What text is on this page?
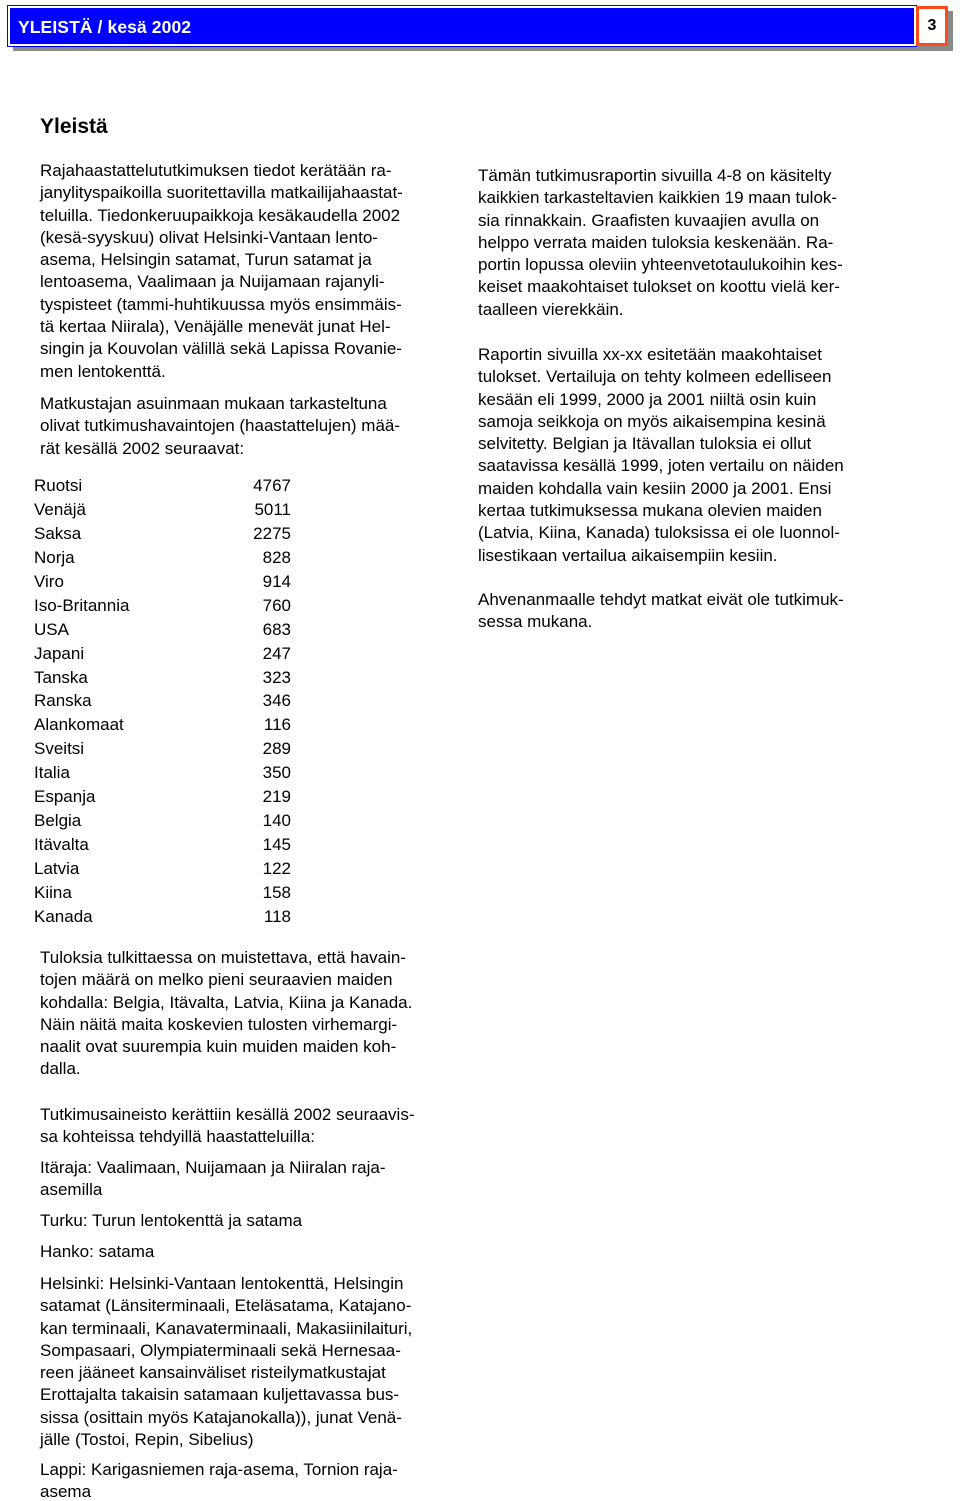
YLEISTÄ / kesä 2002	3
Yleistä

Rajahaastattelututkimuksen tiedot kerätään ra-
janylityspaikoilla suoritettavilla matkailijahaastat-
teluilla. Tiedonkeruupaikkoja kesäkaudella 2002
(kesä-syyskuu) olivat Helsinki-Vantaan lento-
asema, Helsingin satamat, Turun satamat ja
lentoasema, Vaalimaan ja Nuijamaan rajanyli-
tyspisteet (tammi-huhtikuussa myös ensimmäis-
tä kertaa Niirala), Venäjälle menevät junat Hel-
singin ja Kouvolan välillä sekä Lapissa Rovanie-
men lentokenttä.

Matkustajan asuinmaan mukaan tarkasteltuna
olivat tutkimushavaintojen (haastattelujen) mää-
rät kesällä 2002 seuraavat:

Ruotsi	4767
Venäjä	5011
Saksa	2275
Norja	828
Viro	914
Iso-Britannia	760
USA	683
Japani	247
Tanska	323
Ranska	346
Alankomaat	116
Sveitsi	289
Italia	350
Espanja	219
Belgia	140
Itävalta	145
Latvia	122
Kiina	158
Kanada	118

Tuloksia tulkittaessa on muistettava, että havain-
tojen määrä on melko pieni seuraavien maiden
kohdalla: Belgia, Itävalta, Latvia, Kiina ja Kanada.
Näin näitä maita koskevien tulosten virhemargi-
naalit ovat suurempia kuin muiden maiden koh-
dalla.

Tutkimusaineisto kerättiin kesällä 2002 seuraavis-
sa kohteissa tehdyillä haastatteluilla:

Itäraja: Vaalimaan, Nuijamaan ja Niiralan raja-
asemilla

Turku: Turun lentokenttä ja satama

Hanko: satama

Helsinki: Helsinki-Vantaan lentokenttä, Helsingin
satamat (Länsiterminaali, Eteläsatama, Katajano-
kan terminaali, Kanavaterminaali, Makasiinilaituri,
Sompasaari, Olympiaterminaali sekä Hernesaa-
reen jääneet kansainväliset risteilymatkustajat
Erottajalta takaisin satamaan kuljettavassa bus-
sissa (osittain myös Katajanokalla)), junat Venä-
jälle (Tostoi, Repin, Sibelius)

Lappi: Karigasniemen raja-asema, Tornion raja-
asema

Tämän tutkimusraportin sivuilla 4-8 on käsitelty
kaikkien tarkasteltavien kaikkien 19 maan tulok-
sia rinnakkain. Graafisten kuvaajien avulla on
helppo verrata maiden tuloksia keskenään. Ra-
portin lopussa oleviin yhteenvetotaulukoihin kes-
keiset maakohtaiset tulokset on koottu vielä ker-
taalleen vierekkäin.

Raportin sivuilla xx-xx esitetään maakohtaiset
tulokset. Vertailuja on tehty kolmeen edelliseen
kesään eli 1999, 2000 ja 2001 niiltä osin kuin
samoja seikkoja on myös aikaisempina kesinä
selvitetty. Belgian ja Itävallan tuloksia ei ollut
saatavissa kesällä 1999, joten vertailu on näiden
maiden kohdalla vain kesiin 2000 ja 2001. Ensi
kertaa tutkimuksessa mukana olevien maiden
(Latvia, Kiina, Kanada) tuloksissa ei ole luonnol-
lisestikaan vertailua aikaisempiin kesiin.

Ahvenanmaalle tehdyt matkat eivät ole tutkimuk-
sessa mukana.
